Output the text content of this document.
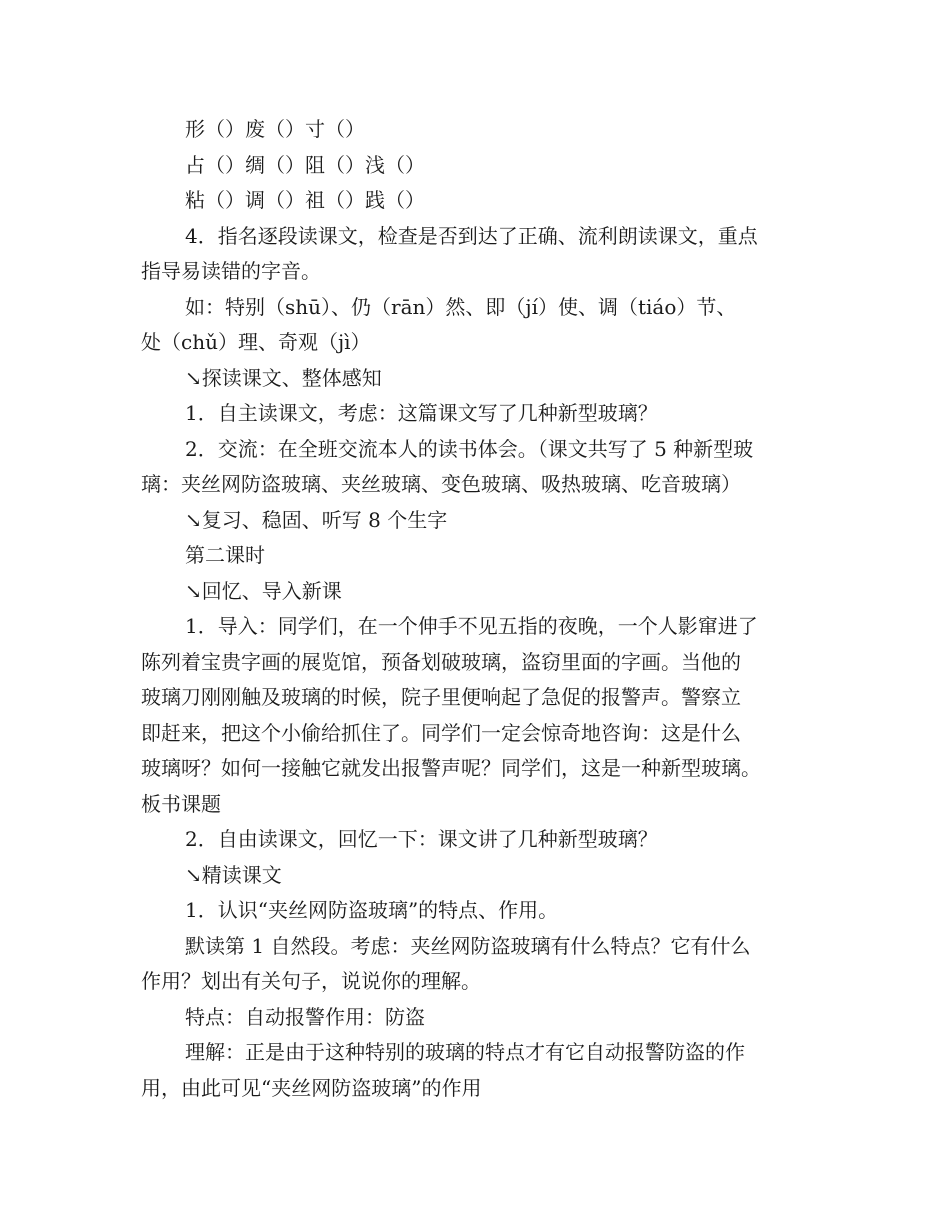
形（）废（）寸（）

占（）绸（）阻（）浅（）

粘（）调（）祖（）践（）

4．指名逐段读课文，检查是否到达了正确、流利朗读课文，重点

指导易读错的字音。

如：特别（shū）、仍（rān）然、即（jí）使、调（tiáo）节、

处（chǔ）理、奇观（jì）

↘探读课文、整体感知

1．自主读课文，考虑：这篇课文写了几种新型玻璃？

2．交流：在全班交流本人的读书体会。（课文共写了 5 种新型玻

璃：夹丝网防盗玻璃、夹丝玻璃、变色玻璃、吸热玻璃、吃音玻璃）

↘复习、稳固、听写 8 个生字

第二课时

↘回忆、导入新课

1．导入：同学们，在一个伸手不见五指的夜晚，一个人影窜进了

陈列着宝贵字画的展览馆，预备划破玻璃，盗窃里面的字画。当他的

玻璃刀刚刚触及玻璃的时候，院子里便响起了急促的报警声。警察立

即赶来，把这个小偷给抓住了。同学们一定会惊奇地咨询：这是什么

玻璃呀？如何一接触它就发出报警声呢？同学们，这是一种新型玻璃。

板书课题

2．自由读课文，回忆一下：课文讲了几种新型玻璃？

↘精读课文

1．认识“夹丝网防盗玻璃”的特点、作用。

默读第 1 自然段。考虑：夹丝网防盗玻璃有什么特点？它有什么

作用？划出有关句子，说说你的理解。

特点：自动报警作用：防盗

理解：正是由于这种特别的玻璃的特点才有它自动报警防盗的作

用，由此可见“夹丝网防盗玻璃”的作用
